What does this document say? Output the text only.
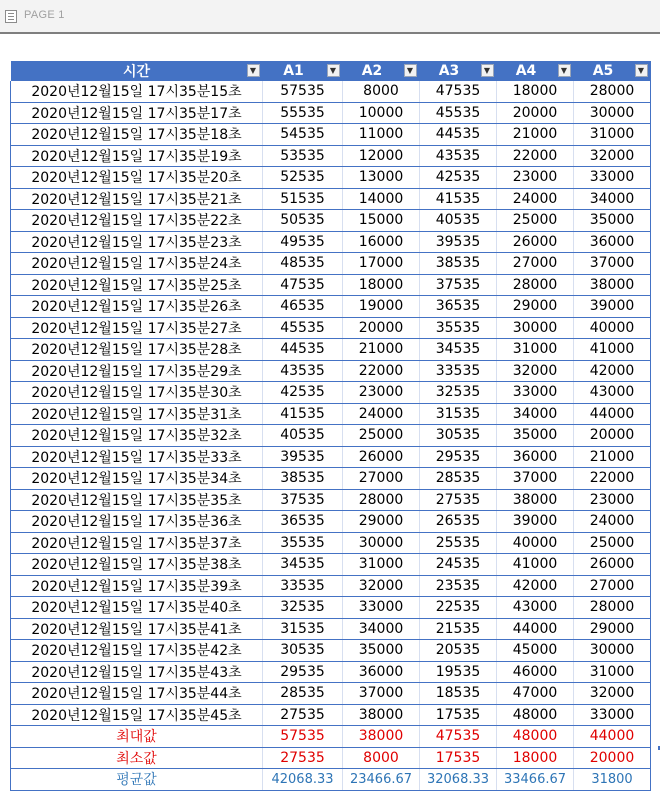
PAGE 1
시간 ▼	A1 ▼	A2 ▼	A3 ▼	A4 ▼	A5 ▼

2020년12월15일 17시35분15초	57535	8000	47535	18000	28000
2020년12월15일 17시35분17초	55535	10000	45535	20000	30000
2020년12월15일 17시35분18초	54535	11000	44535	21000	31000
2020년12월15일 17시35분19초	53535	12000	43535	22000	32000
2020년12월15일 17시35분20초	52535	13000	42535	23000	33000
2020년12월15일 17시35분21초	51535	14000	41535	24000	34000
2020년12월15일 17시35분22초	50535	15000	40535	25000	35000
2020년12월15일 17시35분23초	49535	16000	39535	26000	36000
2020년12월15일 17시35분24초	48535	17000	38535	27000	37000
2020년12월15일 17시35분25초	47535	18000	37535	28000	38000
2020년12월15일 17시35분26초	46535	19000	36535	29000	39000
2020년12월15일 17시35분27초	45535	20000	35535	30000	40000
2020년12월15일 17시35분28초	44535	21000	34535	31000	41000
2020년12월15일 17시35분29초	43535	22000	33535	32000	42000
2020년12월15일 17시35분30초	42535	23000	32535	33000	43000
2020년12월15일 17시35분31초	41535	24000	31535	34000	44000
2020년12월15일 17시35분32초	40535	25000	30535	35000	20000
2020년12월15일 17시35분33초	39535	26000	29535	36000	21000
2020년12월15일 17시35분34초	38535	27000	28535	37000	22000
2020년12월15일 17시35분35초	37535	28000	27535	38000	23000
2020년12월15일 17시35분36초	36535	29000	26535	39000	24000
2020년12월15일 17시35분37초	35535	30000	25535	40000	25000
2020년12월15일 17시35분38초	34535	31000	24535	41000	26000
2020년12월15일 17시35분39초	33535	32000	23535	42000	27000
2020년12월15일 17시35분40초	32535	33000	22535	43000	28000
2020년12월15일 17시35분41초	31535	34000	21535	44000	29000
2020년12월15일 17시35분42초	30535	35000	20535	45000	30000
2020년12월15일 17시35분43초	29535	36000	19535	46000	31000
2020년12월15일 17시35분44초	28535	37000	18535	47000	32000
2020년12월15일 17시35분45초	27535	38000	17535	48000	33000
최대값	57535	38000	47535	48000	44000
최소값	27535	8000	17535	18000	20000
평균값	42068.33	23466.67	32068.33	33466.67	31800
